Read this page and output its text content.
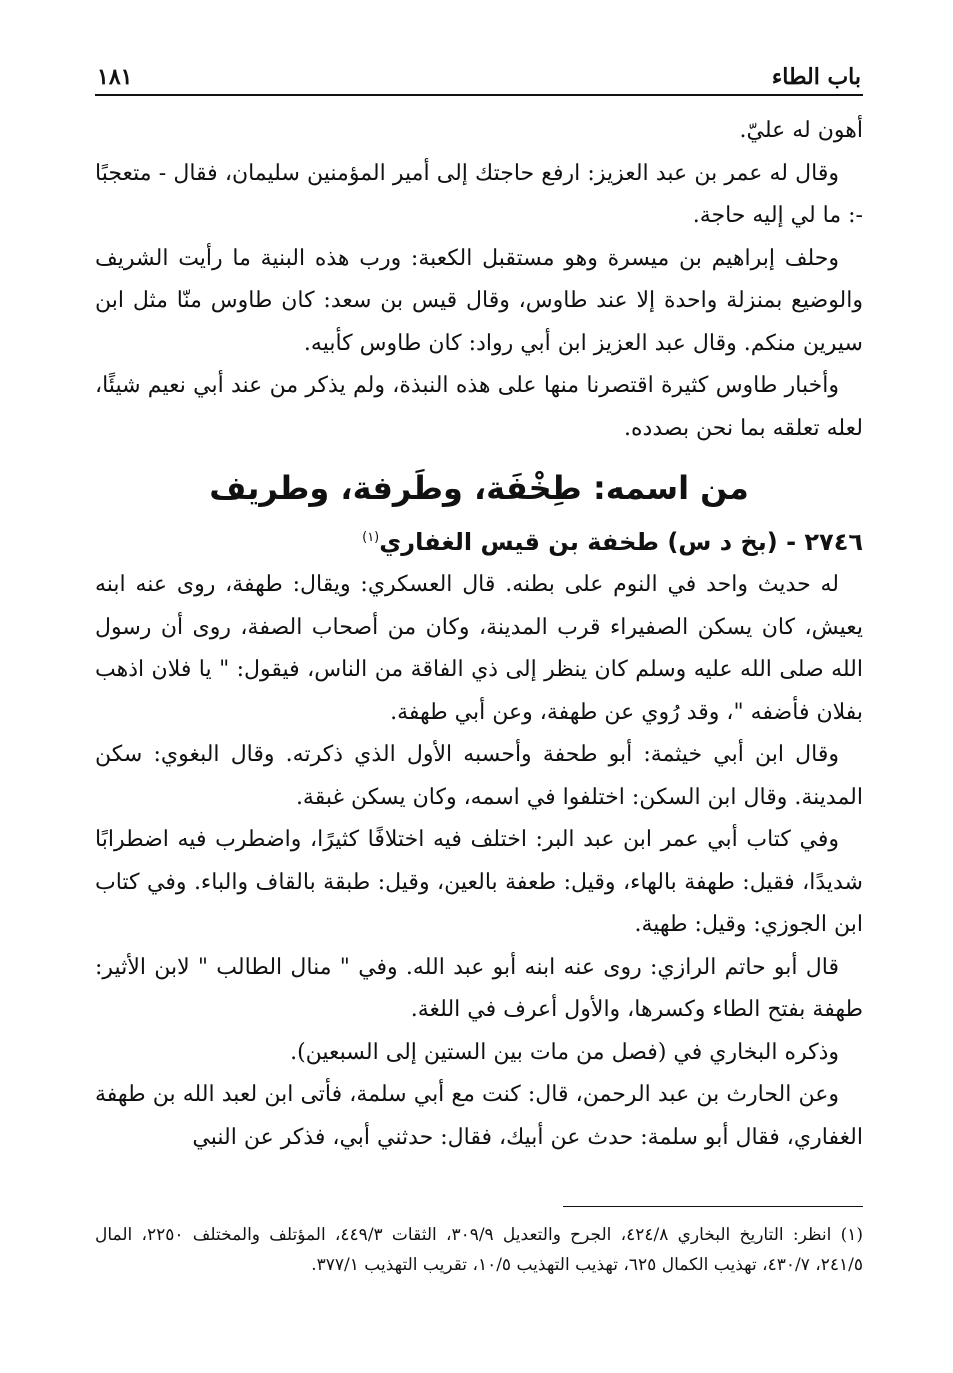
باب الطاء
١٨١

أهون له عليّ.

وقال له عمر بن عبد العزيز: ارفع حاجتك إلى أمير المؤمنين سليمان، فقال - متعجبًا -: ما لي إليه حاجة.

وحلف إبراهيم بن ميسرة وهو مستقبل الكعبة: ورب هذه البنية ما رأيت الشريف والوضيع بمنزلة واحدة إلا عند طاوس، وقال قيس بن سعد: كان طاوس منّا مثل ابن سيرين منكم. وقال عبد العزيز ابن أبي رواد: كان طاوس كأبيه.

وأخبار طاوس كثيرة اقتصرنا منها على هذه النبذة، ولم يذكر من عند أبي نعيم شيئًا، لعله تعلقه بما نحن بصدده.

من اسمه: طِخْفَة، وطَرفة، وطريف
٢٧٤٦ - (بخ د س) طخفة بن قيس الغفاري$^{(١)}$

له حديث واحد في النوم على بطنه. قال العسكري: ويقال: طهفة، روى عنه ابنه يعيش، كان يسكن الصفيراء قرب المدينة، وكان من أصحاب الصفة، روى أن رسول الله صلى الله عليه وسلم كان ينظر إلى ذي الفاقة من الناس، فيقول: " يا فلان اذهب بفلان فأضفه "، وقد رُوي عن طهفة، وعن أبي طهفة.

وقال ابن أبي خيثمة: أبو طحفة وأحسبه الأول الذي ذكرته. وقال البغوي: سكن المدينة. وقال ابن السكن: اختلفوا في اسمه، وكان يسكن غبقة.

وفي كتاب أبي عمر ابن عبد البر: اختلف فيه اختلافًا كثيرًا، واضطرب فيه اضطرابًا شديدًا، فقيل: طهفة بالهاء، وقيل: طعفة بالعين، وقيل: طبقة بالقاف والباء. وفي كتاب ابن الجوزي: وقيل: طهية.

قال أبو حاتم الرازي: روى عنه ابنه أبو عبد الله. وفي " منال الطالب " لابن الأثير: طهفة بفتح الطاء وكسرها، والأول أعرف في اللغة.

وذكره البخاري في (فصل من مات بين الستين إلى السبعين).

وعن الحارث بن عبد الرحمن، قال: كنت مع أبي سلمة، فأتى ابن لعبد الله بن طهفة الغفاري، فقال أبو سلمة: حدث عن أبيك، فقال: حدثني أبي، فذكر عن النبي

(١) انظر: التاريخ البخاري ٤٢٤/٨، الجرح والتعديل ٣٠٩/٩، الثقات ٤٤٩/٣، المؤتلف والمختلف ٢٢٥٠، المال ٢٤١/٥، ٤٣٠/٧، تهذيب الكمال ٦٢٥، تهذيب التهذيب ١٠/٥، تقريب التهذيب ٣٧٧/١.
